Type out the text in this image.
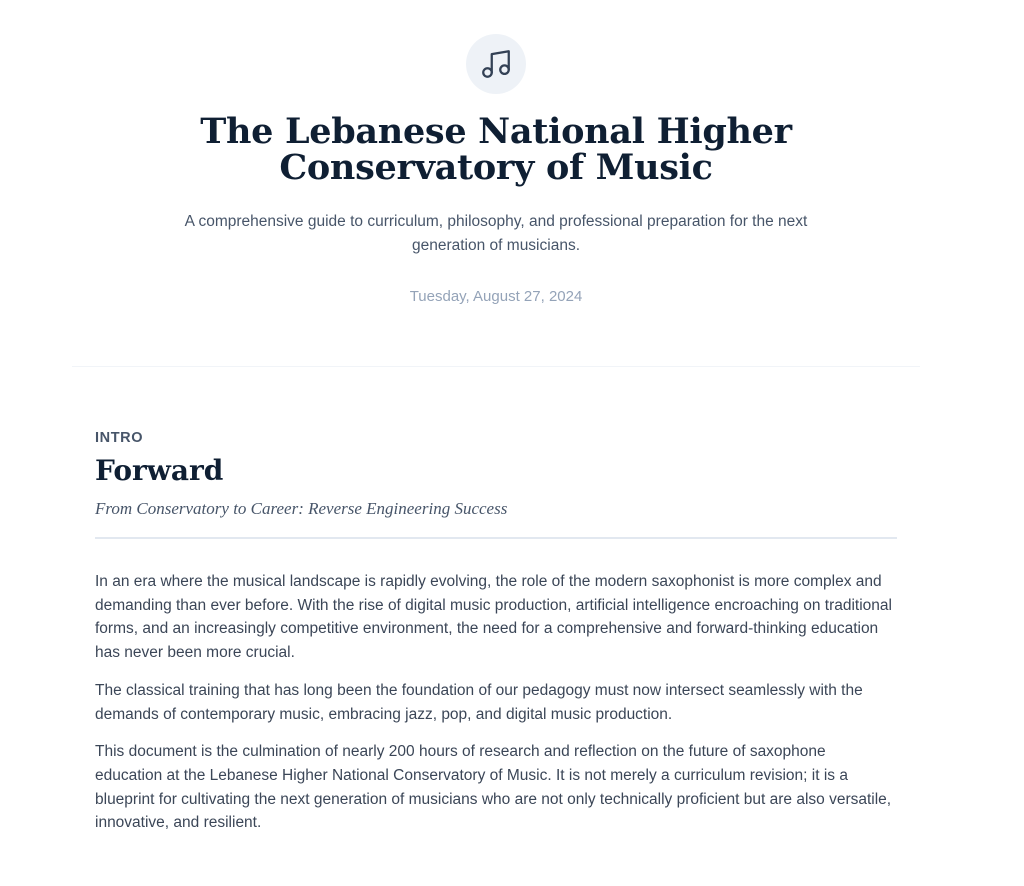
The Lebanese National Higher Conservatory of Music

A comprehensive guide to curriculum, philosophy, and professional preparation for the next generation of musicians.

Tuesday, August 27, 2024
INTRO
Forward
From Conservatory to Career: Reverse Engineering Success

In an era where the musical landscape is rapidly evolving, the role of the modern saxophonist is more complex and demanding than ever before. With the rise of digital music production, artificial intelligence encroaching on traditional forms, and an increasingly competitive environment, the need for a comprehensive and forward-thinking education has never been more crucial.

The classical training that has long been the foundation of our pedagogy must now intersect seamlessly with the demands of contemporary music, embracing jazz, pop, and digital music production.

This document is the culmination of nearly 200 hours of research and reflection on the future of saxophone education at the Lebanese Higher National Conservatory of Music. It is not merely a curriculum revision; it is a blueprint for cultivating the next generation of musicians who are not only technically proficient but are also versatile, innovative, and resilient.
